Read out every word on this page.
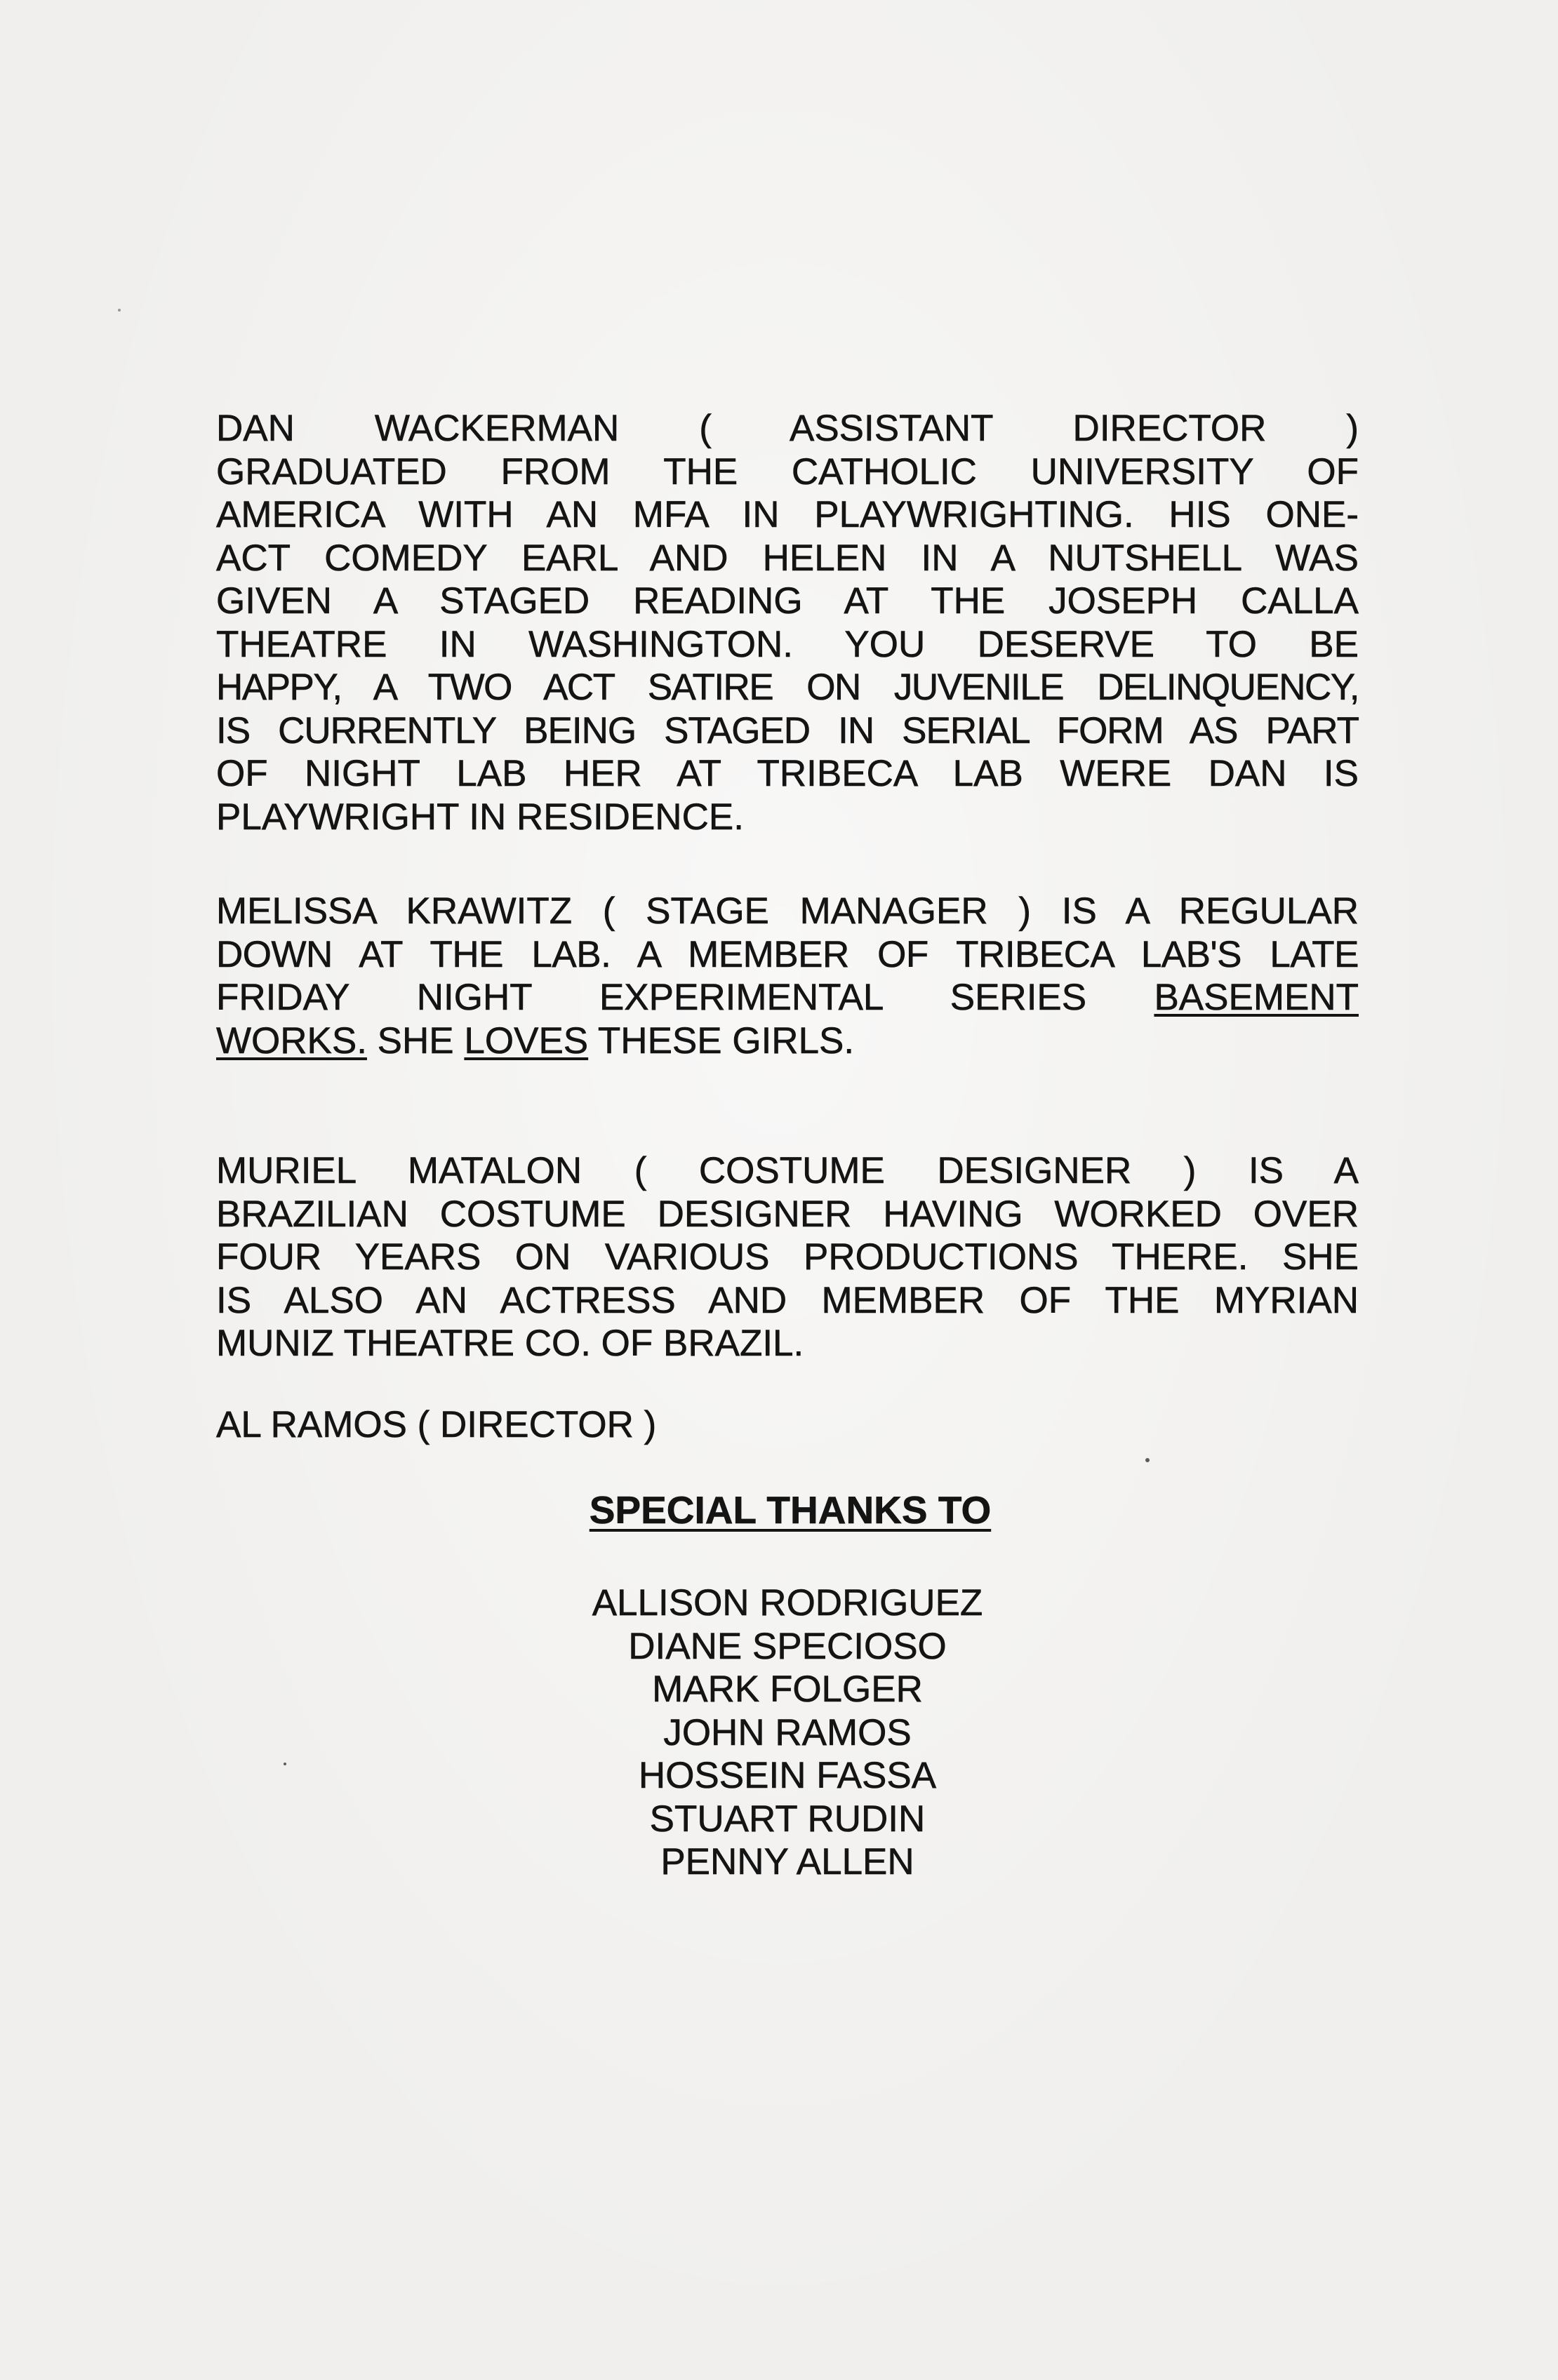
DAN WACKERMAN ( ASSISTANT DIRECTOR )
GRADUATED FROM THE CATHOLIC UNIVERSITY OF
AMERICA WITH AN MFA IN PLAYWRIGHTING. HIS ONE-
ACT COMEDY EARL AND HELEN IN A NUTSHELL WAS
GIVEN A STAGED READING AT THE JOSEPH CALLA
THEATRE IN WASHINGTON. YOU DESERVE TO BE
HAPPY, A TWO ACT SATIRE ON JUVENILE DELINQUENCY,
IS CURRENTLY BEING STAGED IN SERIAL FORM AS PART
OF NIGHT LAB HER AT TRIBECA LAB WERE DAN IS
PLAYWRIGHT IN RESIDENCE.

MELISSA KRAWITZ ( STAGE MANAGER ) IS A REGULAR
DOWN AT THE LAB. A MEMBER OF TRIBECA LAB'S LATE
FRIDAY NIGHT EXPERIMENTAL SERIES BASEMENT
WORKS. SHE LOVES THESE GIRLS.

MURIEL MATALON ( COSTUME DESIGNER ) IS A
BRAZILIAN COSTUME DESIGNER HAVING WORKED OVER
FOUR YEARS ON VARIOUS PRODUCTIONS THERE. SHE
IS ALSO AN ACTRESS AND MEMBER OF THE MYRIAN
MUNIZ THEATRE CO. OF BRAZIL.

AL RAMOS ( DIRECTOR )

SPECIAL THANKS TO
ALLISON RODRIGUEZ
DIANE SPECIOSO
MARK FOLGER
JOHN RAMOS
HOSSEIN FASSA
STUART RUDIN
PENNY ALLEN
